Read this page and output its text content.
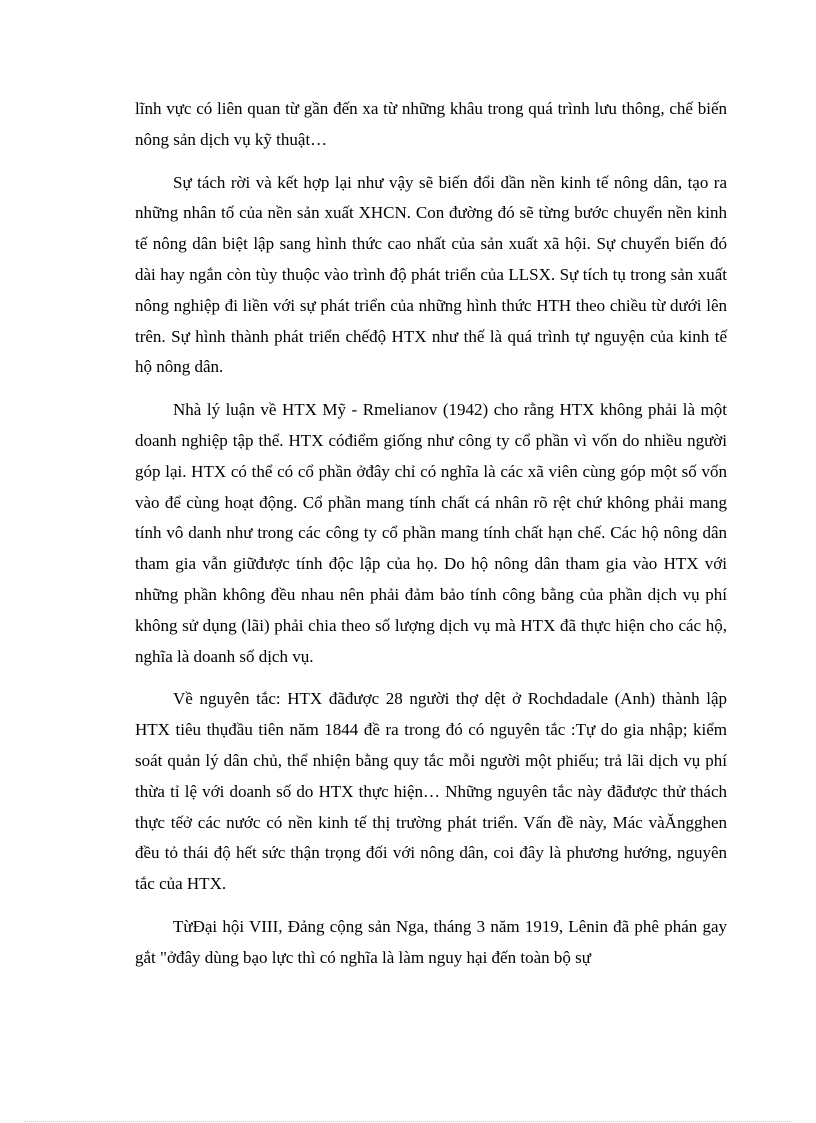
lĩnh vực có liên quan từ gần đến xa từ những khâu trong quá trình lưu thông, chế biến nông sản dịch vụ kỹ thuật…

Sự tách rời và kết hợp lại như vậy sẽ biến đổi dần nền kinh tế nông dân, tạo ra những nhân tố của nền sản xuất XHCN. Con đường đó sẽ từng bước chuyển nền kinh tế nông dân biệt lập sang hình thức cao nhất của sản xuất xã hội. Sự chuyển biến đó dài hay ngắn còn tùy thuộc vào trình độ phát triển của LLSX. Sự tích tụ trong sản xuất nông nghiệp đi liền với sự phát triển của những hình thức HTH theo chiều từ dưới lên trên. Sự hình thành phát triển chếđộ HTX như thế là quá trình tự nguyện của kinh tế hộ nông dân.

Nhà lý luận về HTX Mỹ - Rmelianov (1942) cho rằng HTX không phải là một doanh nghiệp tập thể. HTX cóđiểm giống như công ty cổ phần vì vốn do nhiều người góp lại. HTX có thể có cổ phần ởđây chỉ có nghĩa là các xã viên cùng góp một số vốn vào để cùng hoạt động. Cổ phần mang tính chất cá nhân rõ rệt chứ không phải mang tính vô danh như trong các công ty cổ phần mang tính chất hạn chế. Các hộ nông dân tham gia vẫn giữđược tính độc lập của họ. Do hộ nông dân tham gia vào HTX với những phần không đều nhau nên phải đảm bảo tính công bằng của phần dịch vụ phí không sử dụng (lãi) phải chia theo số lượng dịch vụ mà HTX đã thực hiện cho các hộ, nghĩa là doanh số dịch vụ.

Về nguyên tắc: HTX đãđược 28 người thợ dệt ở Rochdadale (Anh) thành lập HTX tiêu thụđầu tiên năm 1844 đề ra trong đó có nguyên tắc :Tự do gia nhập; kiểm soát quản lý dân chủ, thể nhiện bằng quy tắc mỗi người một phiếu; trả lãi dịch vụ phí thừa tỉ lệ với doanh số do HTX thực hiện… Những nguyên tắc này đãđược thử thách thực tếở các nước có nền kinh tế thị trường phát triển. Vấn đề này, Mác vàĂngghen đều tỏ thái độ hết sức thận trọng đối với nông dân, coi đây là phương hướng, nguyên tắc của HTX.

TừĐại hội VIII, Đảng cộng sản Nga, tháng 3 năm 1919, Lênin đã phê phán gay gắt "ởđây dùng bạo lực thì có nghĩa là làm nguy hại đến toàn bộ sự
